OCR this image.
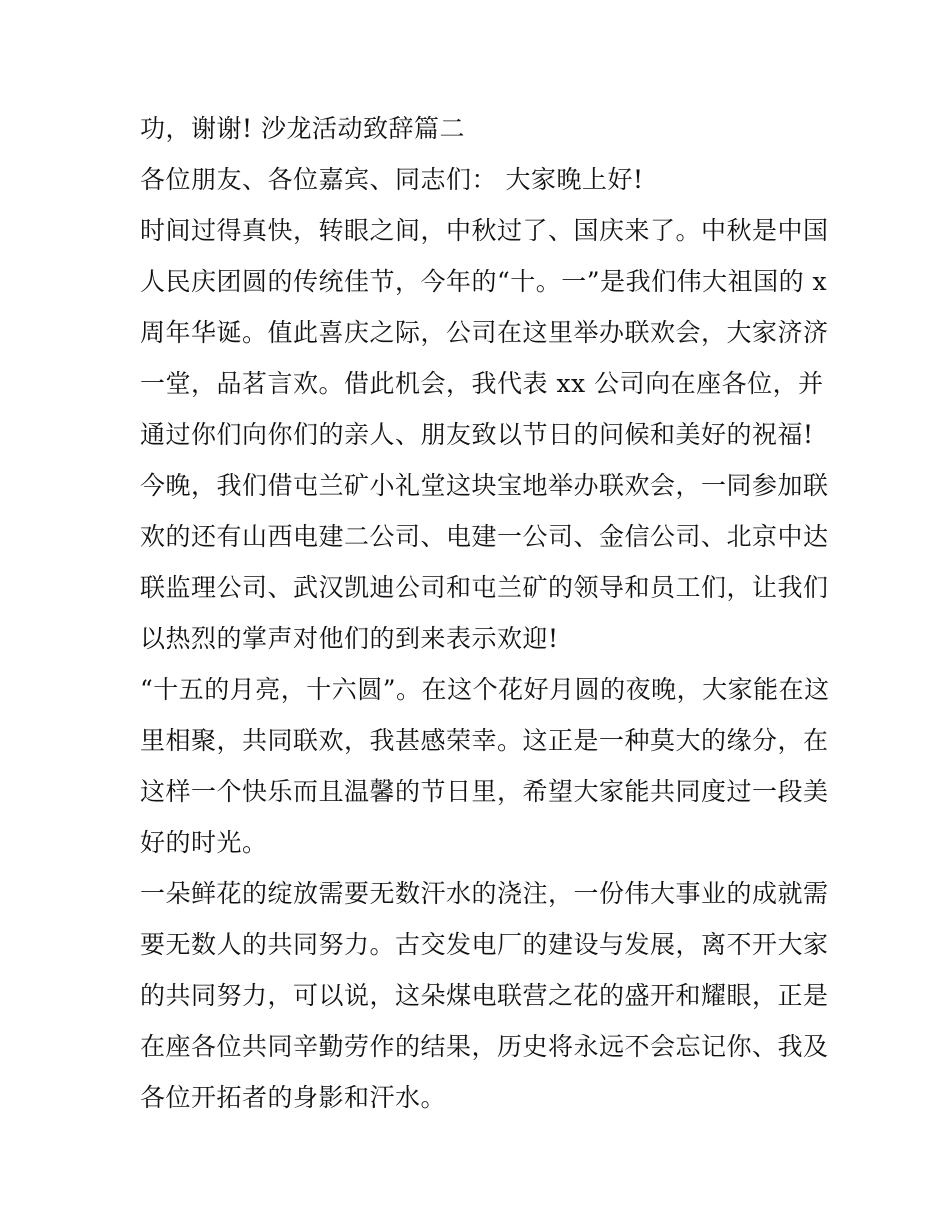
功，谢谢! 沙龙活动致辞篇二
各位朋友、各位嘉宾、同志们： 大家晚上好!
时间过得真快，转眼之间，中秋过了、国庆来了。中秋是中国
人民庆团圆的传统佳节，今年的“十。一”是我们伟大祖国的 x
周年华诞。值此喜庆之际，公司在这里举办联欢会，大家济济
一堂，品茗言欢。借此机会，我代表 xx 公司向在座各位，并
通过你们向你们的亲人、朋友致以节日的问候和美好的祝福!
今晚，我们借屯兰矿小礼堂这块宝地举办联欢会，一同参加联
欢的还有山西电建二公司、电建一公司、金信公司、北京中达
联监理公司、武汉凯迪公司和屯兰矿的领导和员工们，让我们
以热烈的掌声对他们的到来表示欢迎!
“十五的月亮，十六圆”。在这个花好月圆的夜晚，大家能在这
里相聚，共同联欢，我甚感荣幸。这正是一种莫大的缘分，在
这样一个快乐而且温馨的节日里，希望大家能共同度过一段美
好的时光。
一朵鲜花的绽放需要无数汗水的浇注，一份伟大事业的成就需
要无数人的共同努力。古交发电厂的建设与发展，离不开大家
的共同努力，可以说，这朵煤电联营之花的盛开和耀眼，正是
在座各位共同辛勤劳作的结果，历史将永远不会忘记你、我及
各位开拓者的身影和汗水。
